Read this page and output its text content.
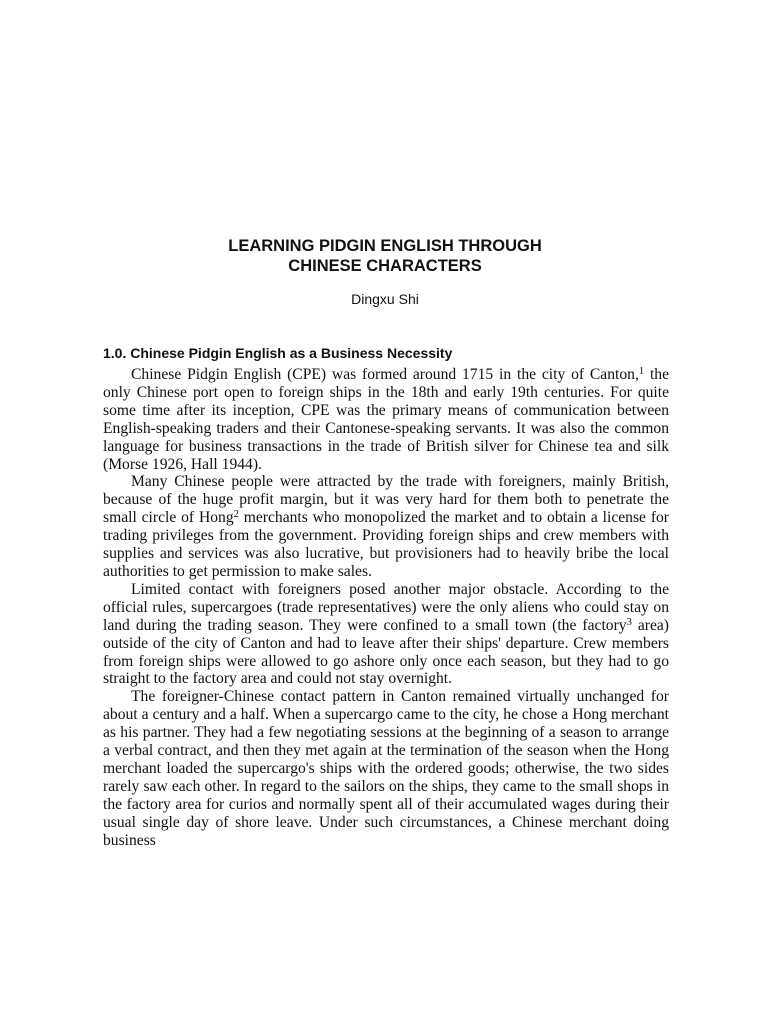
LEARNING PIDGIN ENGLISH THROUGH
CHINESE CHARACTERS

Dingxu Shi

1.0. Chinese Pidgin English as a Business Necessity

Chinese Pidgin English (CPE) was formed around 1715 in the city of Canton,$^1$ the only Chinese port open to foreign ships in the 18th and early 19th centuries. For quite some time after its inception, CPE was the primary means of communication between English-speaking traders and their Cantonese-speaking servants. It was also the common language for business transactions in the trade of British silver for Chinese tea and silk (Morse 1926, Hall 1944).

Many Chinese people were attracted by the trade with foreigners, mainly British, because of the huge profit margin, but it was very hard for them both to penetrate the small circle of Hong$^2$ merchants who monopolized the market and to obtain a license for trading privileges from the government. Providing foreign ships and crew members with supplies and services was also lucrative, but provisioners had to heavily bribe the local authorities to get permission to make sales.

Limited contact with foreigners posed another major obstacle. According to the official rules, supercargoes (trade representatives) were the only aliens who could stay on land during the trading season. They were confined to a small town (the factory$^3$ area) outside of the city of Canton and had to leave after their ships' departure. Crew members from foreign ships were allowed to go ashore only once each season, but they had to go straight to the factory area and could not stay overnight.

The foreigner-Chinese contact pattern in Canton remained virtually unchanged for about a century and a half. When a supercargo came to the city, he chose a Hong merchant as his partner. They had a few negotiating sessions at the beginning of a season to arrange a verbal contract, and then they met again at the termination of the season when the Hong merchant loaded the supercargo's ships with the ordered goods; otherwise, the two sides rarely saw each other. In regard to the sailors on the ships, they came to the small shops in the factory area for curios and normally spent all of their accumulated wages during their usual single day of shore leave. Under such circumstances, a Chinese merchant doing business
